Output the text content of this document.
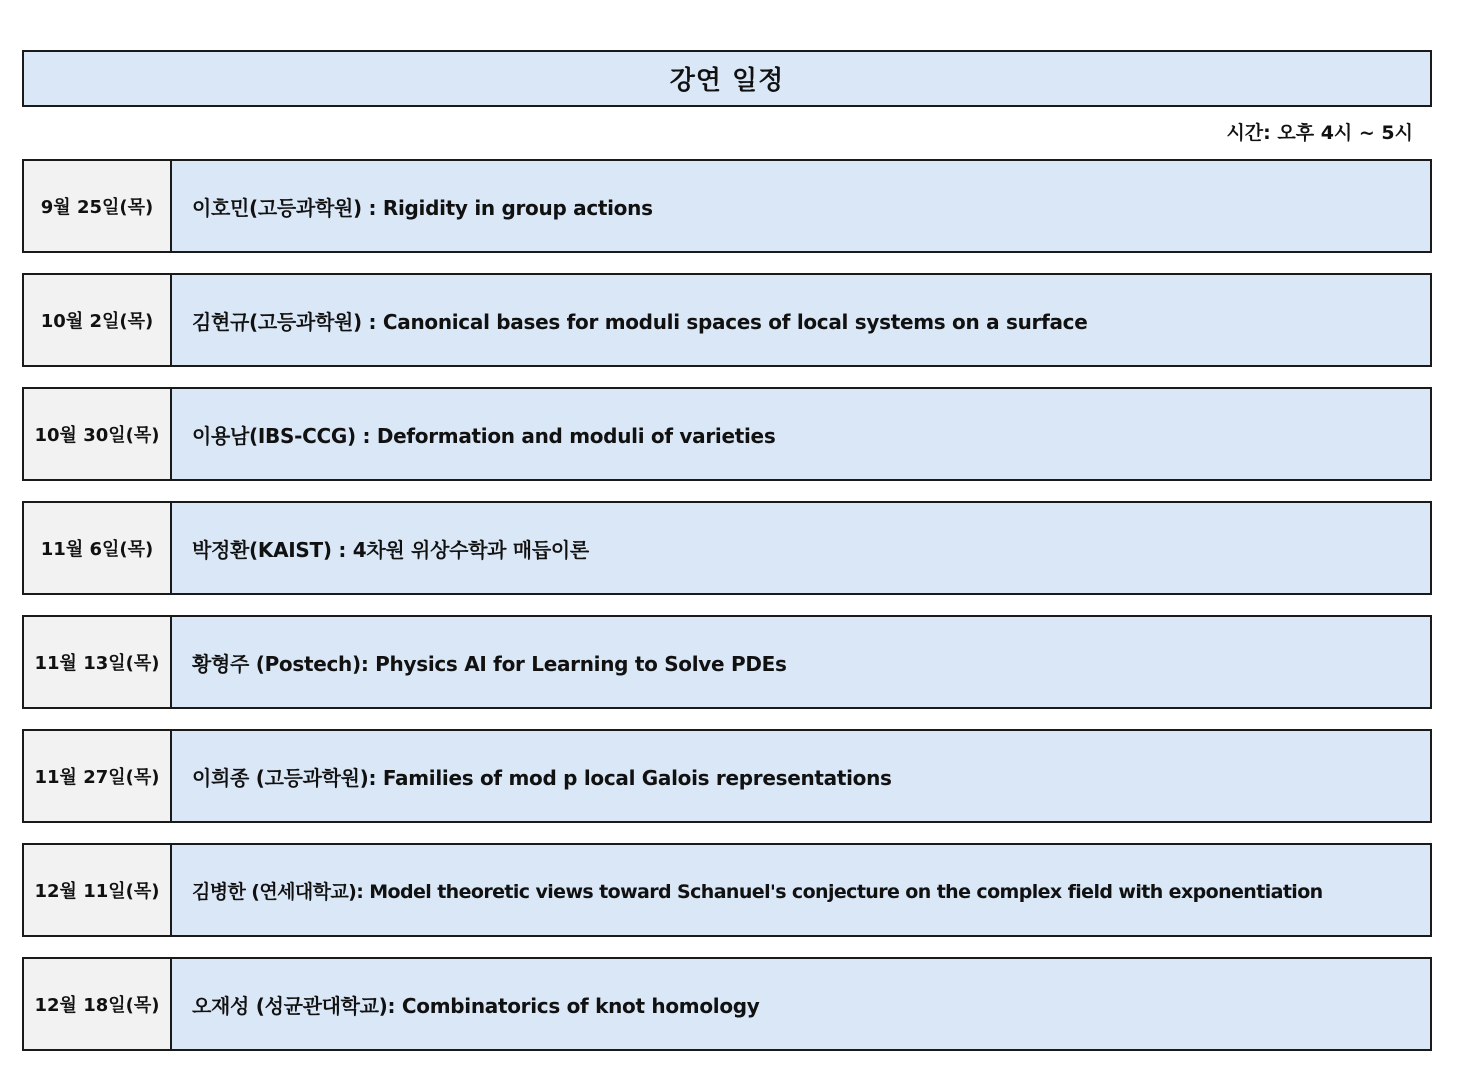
강연 일정
시간: 오후 4시 ~ 5시
9월 25일(목)	이호민(고등과학원) : Rigidity in group actions
10월 2일(목)	김현규(고등과학원) : Canonical bases for moduli spaces of local systems on a surface
10월 30일(목)	이용남(IBS-CCG) : Deformation and moduli of varieties
11월 6일(목)	박정환(KAIST) : 4차원 위상수학과 매듭이론
11월 13일(목)	황형주 (Postech): Physics AI for Learning to Solve PDEs
11월 27일(목)	이희종 (고등과학원): Families of mod p local Galois representations
12월 11일(목)	김병한 (연세대학교): Model theoretic views toward Schanuel's conjecture on the complex field with exponentiation
12월 18일(목)	오재성 (성균관대학교): Combinatorics of knot homology
